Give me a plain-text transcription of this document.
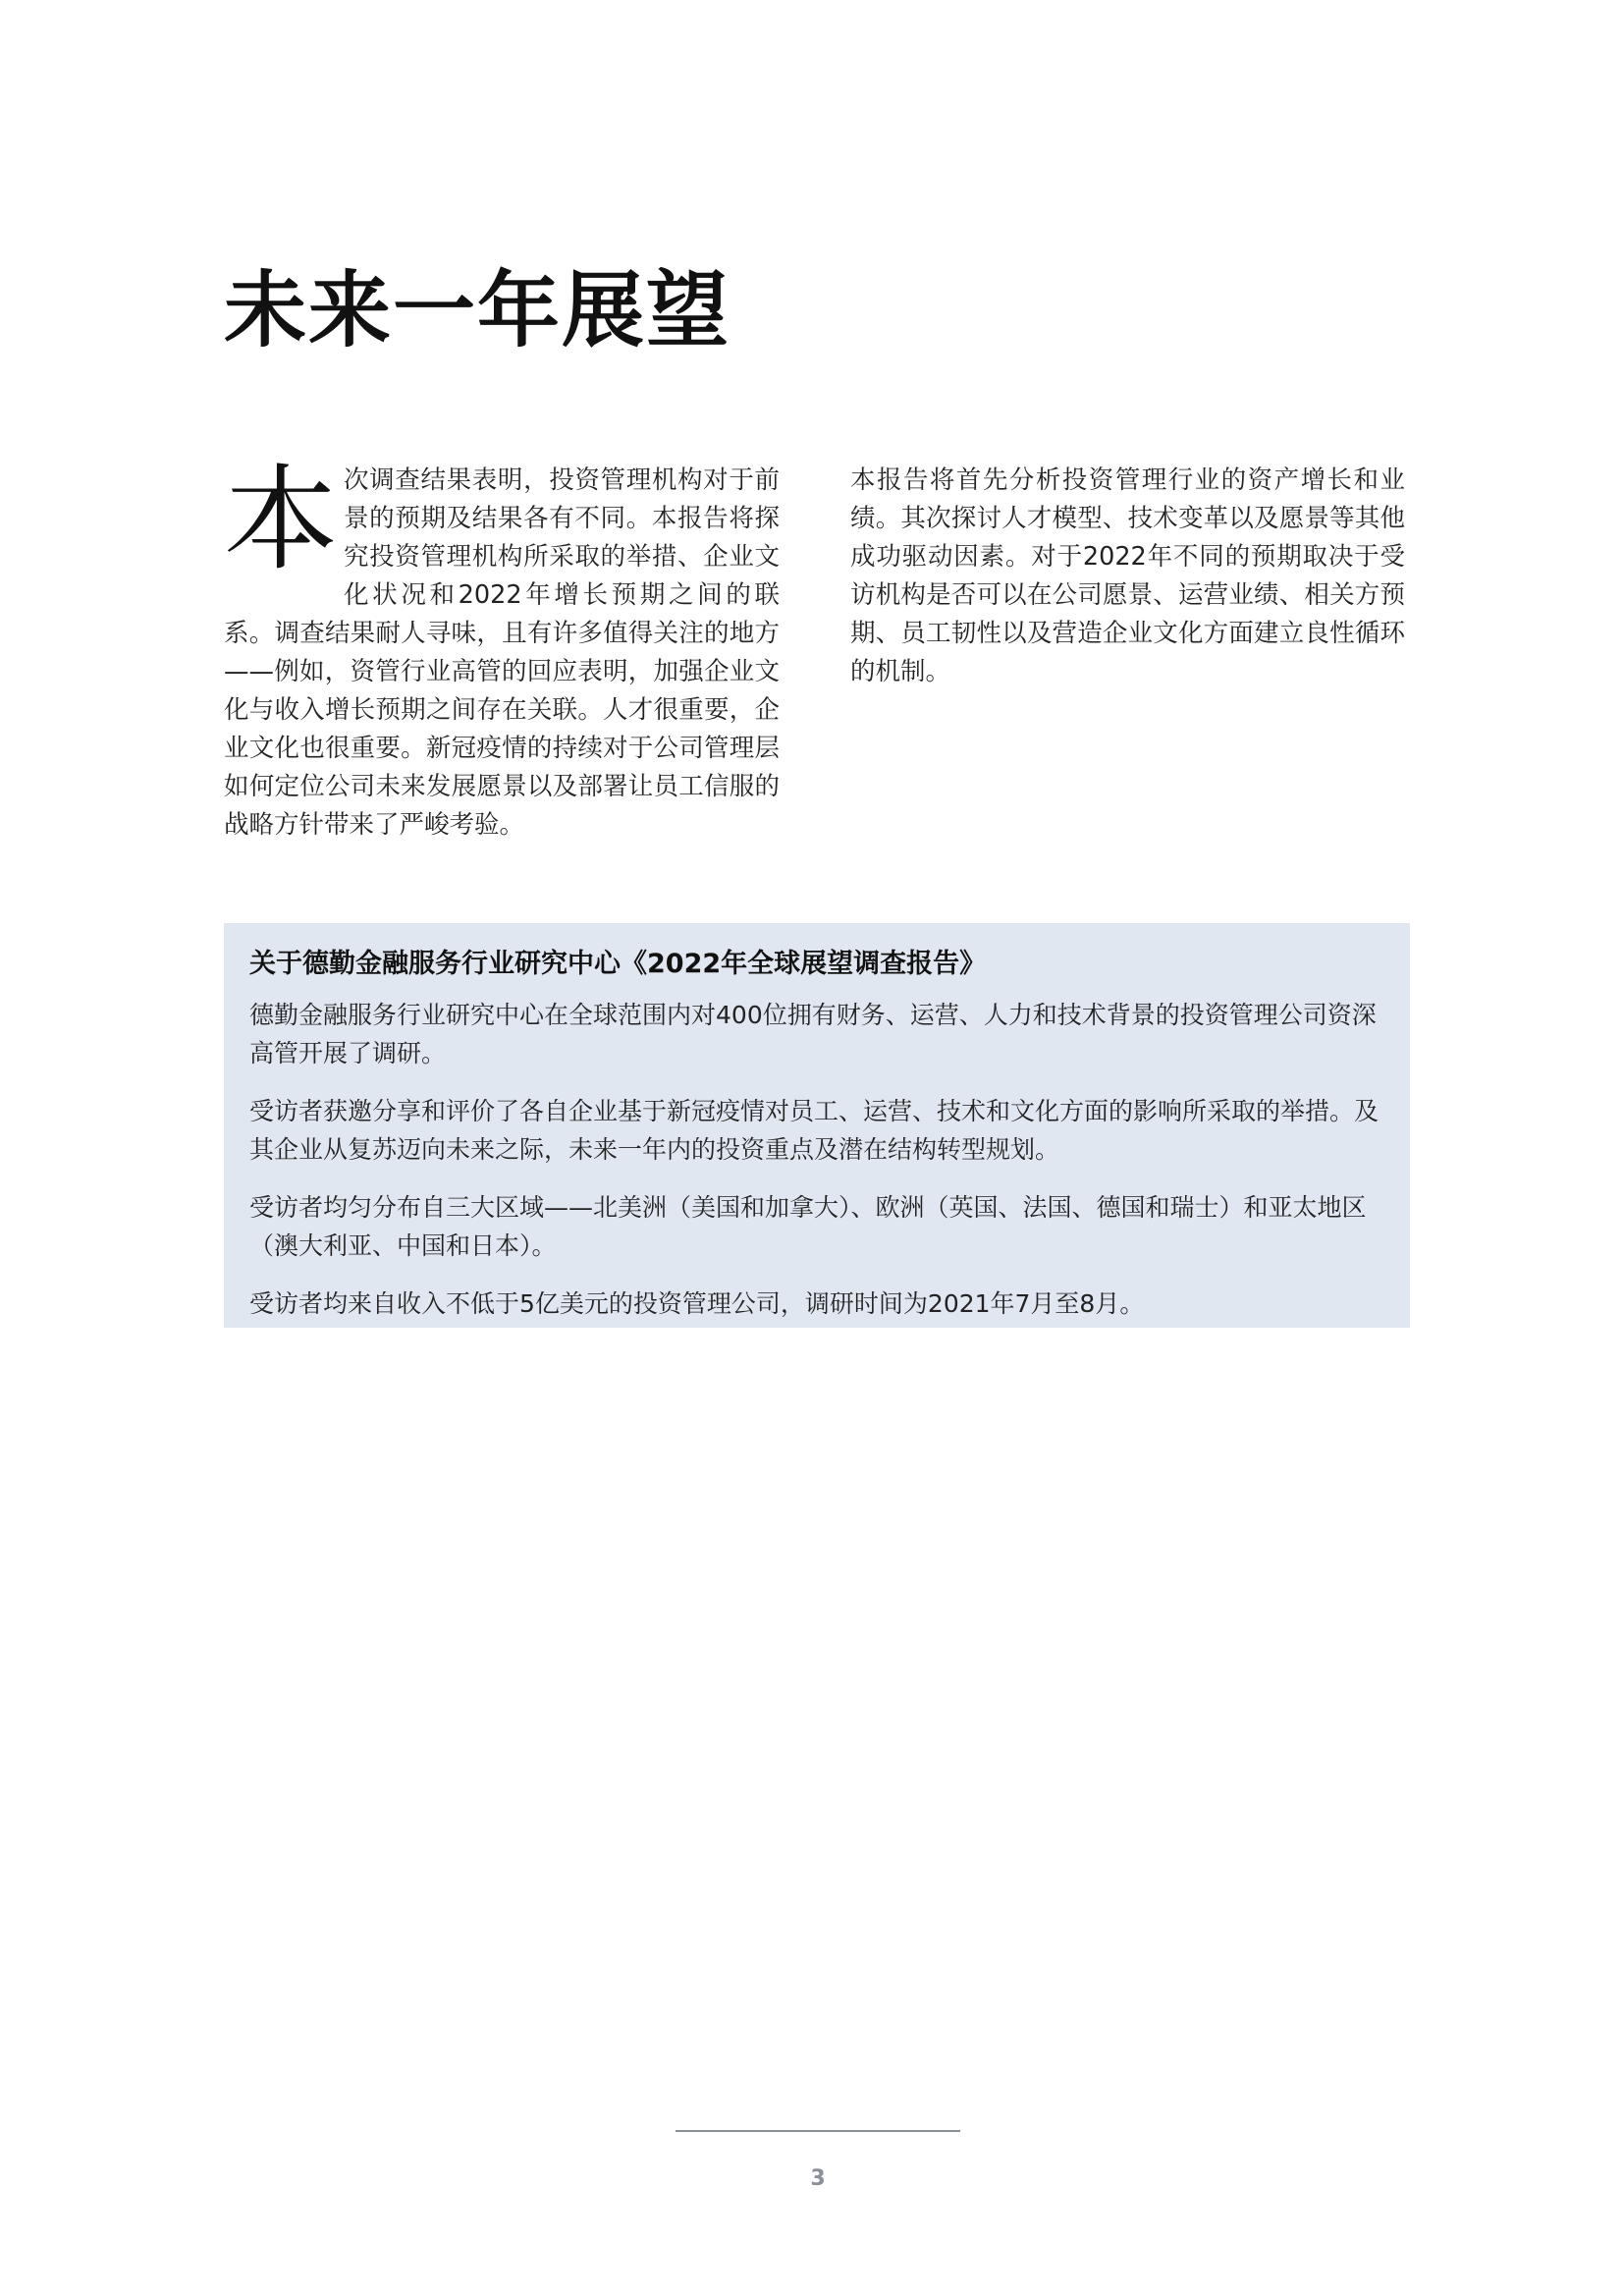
未来一年展望
本 次调查结果表明，投资管理机构对于前景的预期及结果各有不同。本报告将探究投资管理机构所采取的举措、企业文化状况和2022年增长预期之间的联系。调查结果耐人寻味，且有许多值得关注的地方——例如，资管行业高管的回应表明，加强企业文化与收入增长预期之间存在关联。人才很重要，企业文化也很重要。新冠疫情的持续对于公司管理层如何定位公司未来发展愿景以及部署让员工信服的战略方针带来了严峻考验。
本报告将首先分析投资管理行业的资产增长和业绩。其次探讨人才模型、技术变革以及愿景等其他成功驱动因素。对于2022年不同的预期取决于受访机构是否可以在公司愿景、运营业绩、相关方预期、员工韧性以及营造企业文化方面建立良性循环的机制。
关于德勤金融服务行业研究中心《2022年全球展望调查报告》

德勤金融服务行业研究中心在全球范围内对400位拥有财务、运营、人力和技术背景的投资管理公司资深高管开展了调研。

受访者获邀分享和评价了各自企业基于新冠疫情对员工、运营、技术和文化方面的影响所采取的举措。及其企业从复苏迈向未来之际，未来一年内的投资重点及潜在结构转型规划。

受访者均匀分布自三大区域——北美洲（美国和加拿大）、欧洲（英国、法国、德国和瑞士）和亚太地区（澳大利亚、中国和日本）。

受访者均来自收入不低于5亿美元的投资管理公司，调研时间为2021年7月至8月。

3
